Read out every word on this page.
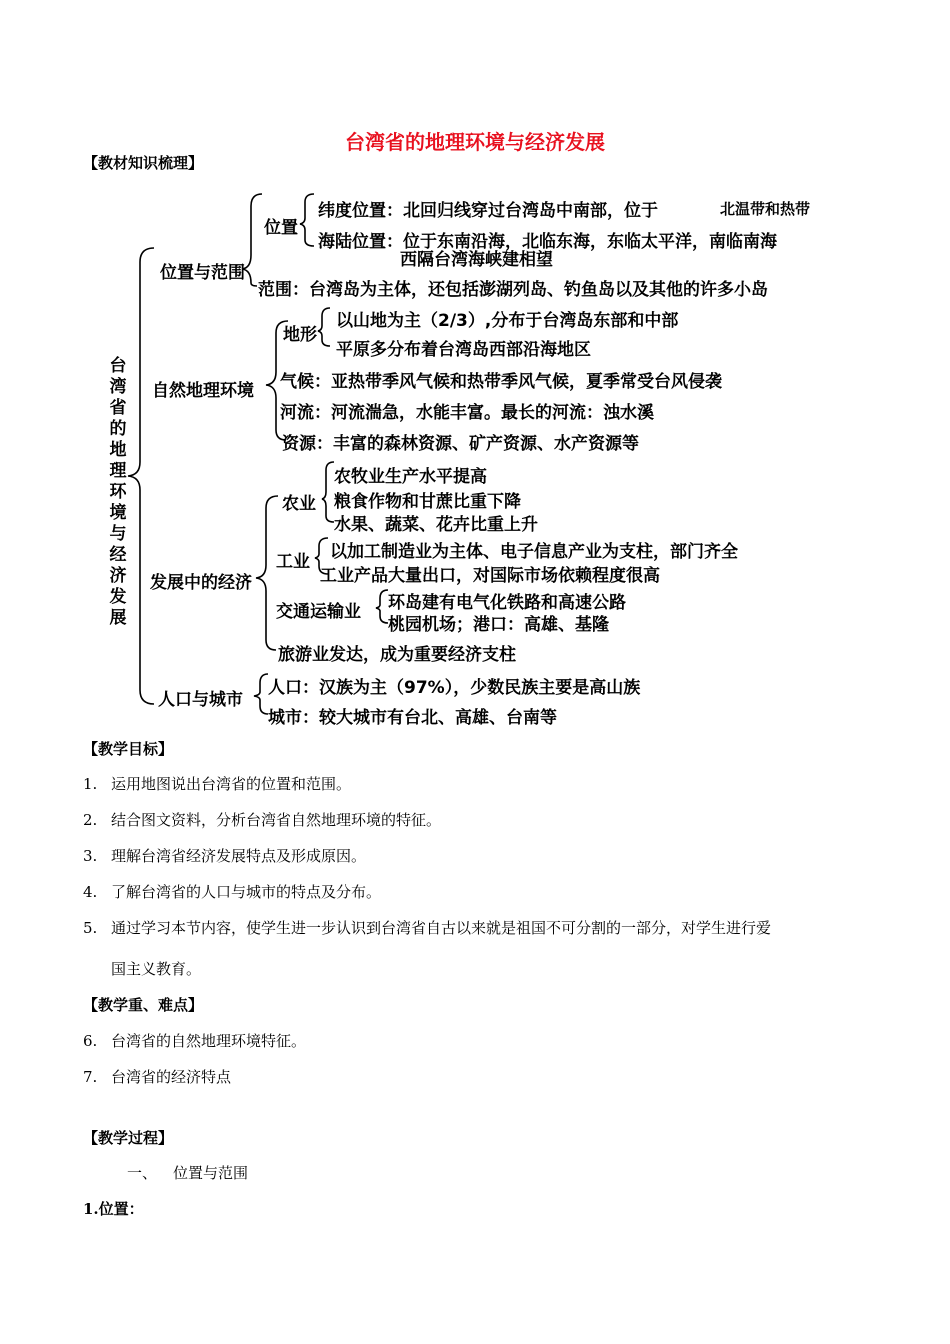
台湾省的地理环境与经济发展
【教材知识梳理】
台湾省的地理环境与经济发展
位置与范围
位置
纬度位置：北回归线穿过台湾岛中南部，位于	北温带和热带
海陆位置：位于东南沿海，北临东海，东临太平洋，南临南海
西隔台湾海峡建相望
范围：台湾岛为主体，还包括澎湖列岛、钓鱼岛以及其他的许多小岛
自然地理环境
地形
以山地为主（2/3）,分布于台湾岛东部和中部
平原多分布着台湾岛西部沿海地区
气候：亚热带季风气候和热带季风气候，夏季常受台风侵袭
河流：河流湍急，水能丰富。最长的河流：浊水溪
资源：丰富的森林资源、矿产资源、水产资源等
发展中的经济
农业
农牧业生产水平提高
粮食作物和甘蔗比重下降
水果、蔬菜、花卉比重上升
工业 以加工制造业为主体、电子信息产业为支柱，部门齐全
工业产品大量出口，对国际市场依赖程度很高
交通运输业 环岛建有电气化铁路和高速公路
桃园机场；港口：高雄、基隆
旅游业发达，成为重要经济支柱
人口与城市
人口：汉族为主（97%），少数民族主要是高山族
城市：较大城市有台北、高雄、台南等
【教学目标】
1. 运用地图说出台湾省的位置和范围。
2. 结合图文资料，分析台湾省自然地理环境的特征。
3. 理解台湾省经济发展特点及形成原因。
4. 了解台湾省的人口与城市的特点及分布。
5. 通过学习本节内容，使学生进一步认识到台湾省自古以来就是祖国不可分割的一部分，对学生进行爱
国主义教育。
【教学重、难点】
6. 台湾省的自然地理环境特征。
7. 台湾省的经济特点
【教学过程】
一、 位置与范围
1.位置：
